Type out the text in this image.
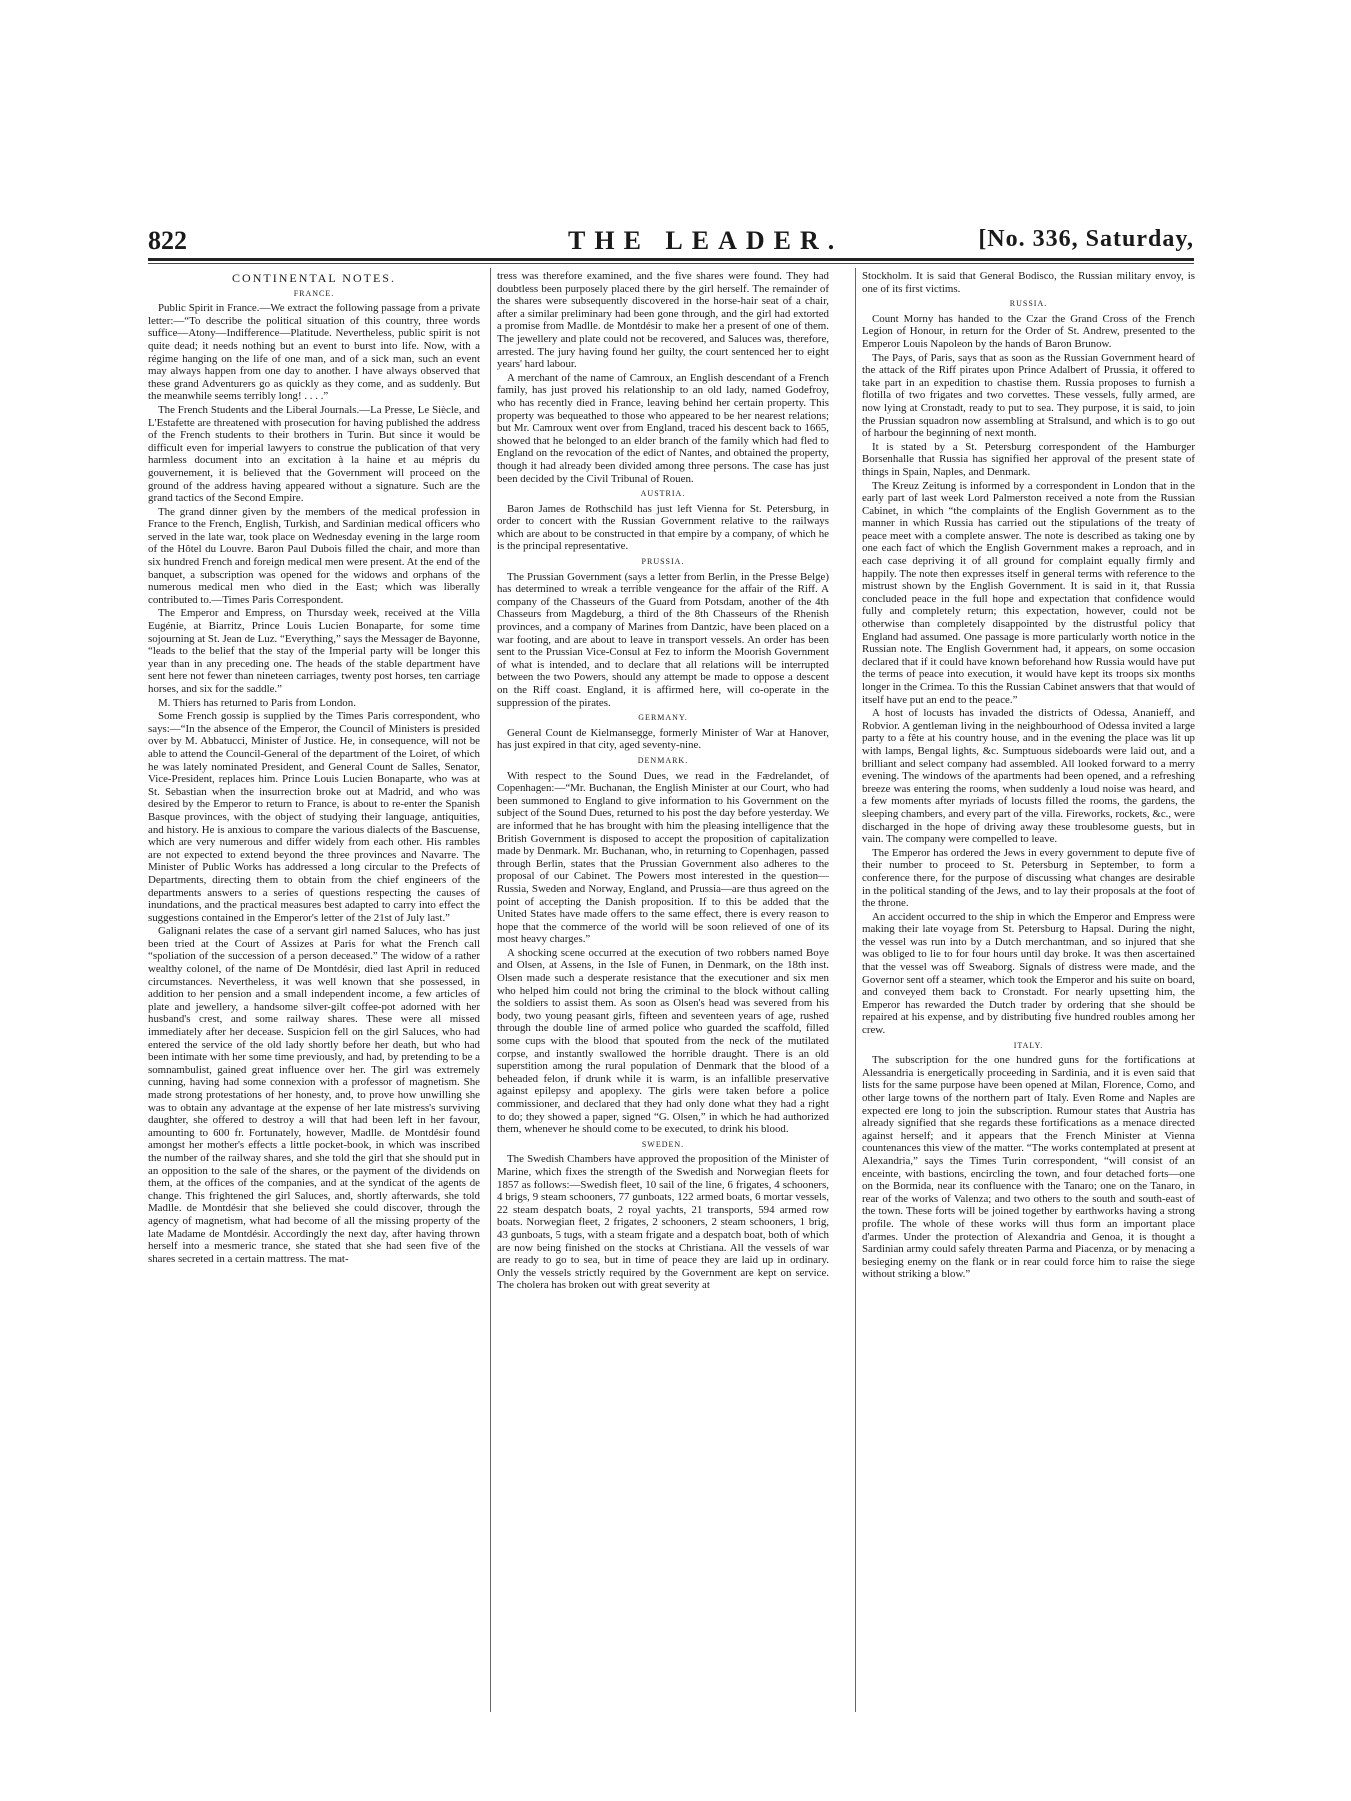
822	THE LEADER.	[No. 336, Saturday,
CONTINENTAL NOTES.
FRANCE.

Public Spirit in France.—We extract the following passage from a private letter:—“To describe the political situation of this country, three words suffice—Atony—Indifference—Platitude. Nevertheless, public spirit is not quite dead; it needs nothing but an event to burst into life. Now, with a régime hanging on the life of one man, and of a sick man, such an event may always happen from one day to another. I have always observed that these grand Adventurers go as quickly as they come, and as suddenly. But the meanwhile seems terribly long! . . . .”

The French Students and the Liberal Journals.—La Presse, Le Siècle, and L'Estafette are threatened with prosecution for having published the address of the French students to their brothers in Turin. But since it would be difficult even for imperial lawyers to construe the publication of that very harmless document into an excitation à la haine et au mépris du gouvernement, it is believed that the Government will proceed on the ground of the address having appeared without a signature. Such are the grand tactics of the Second Empire.

The grand dinner given by the members of the medical profession in France to the French, English, Turkish, and Sardinian medical officers who served in the late war, took place on Wednesday evening in the large room of the Hôtel du Louvre. Baron Paul Dubois filled the chair, and more than six hundred French and foreign medical men were present. At the end of the banquet, a subscription was opened for the widows and orphans of the numerous medical men who died in the East; which was liberally contributed to.—Times Paris Correspondent.

The Emperor and Empress, on Thursday week, received at the Villa Eugénie, at Biarritz, Prince Louis Lucien Bonaparte, for some time sojourning at St. Jean de Luz. “Everything,” says the Messager de Bayonne, “leads to the belief that the stay of the Imperial party will be longer this year than in any preceding one. The heads of the stable department have sent here not fewer than nineteen carriages, twenty post horses, ten carriage horses, and six for the saddle.”

M. Thiers has returned to Paris from London.

Some French gossip is supplied by the Times Paris correspondent, who says:—“In the absence of the Emperor, the Council of Ministers is presided over by M. Abbatucci, Minister of Justice. He, in consequence, will not be able to attend the Council-General of the department of the Loiret, of which he was lately nominated President, and General Count de Salles, Senator, Vice-President, replaces him. Prince Louis Lucien Bonaparte, who was at St. Sebastian when the insurrection broke out at Madrid, and who was desired by the Emperor to return to France, is about to re-enter the Spanish Basque provinces, with the object of studying their language, antiquities, and history. He is anxious to compare the various dialects of the Bascuense, which are very numerous and differ widely from each other. His rambles are not expected to extend beyond the three provinces and Navarre. The Minister of Public Works has addressed a long circular to the Prefects of Departments, directing them to obtain from the chief engineers of the departments answers to a series of questions respecting the causes of inundations, and the practical measures best adapted to carry into effect the suggestions contained in the Emperor's letter of the 21st of July last.”

Galignani relates the case of a servant girl named Saluces, who has just been tried at the Court of Assizes at Paris for what the French call “spoliation of the succession of a person deceased.” The widow of a rather wealthy colonel, of the name of De Montdésir, died last April in reduced circumstances. Nevertheless, it was well known that she possessed, in addition to her pension and a small independent income, a few articles of plate and jewellery, a handsome silver-gilt coffee-pot adorned with her husband's crest, and some railway shares. These were all missed immediately after her decease. Suspicion fell on the girl Saluces, who had entered the service of the old lady shortly before her death, but who had been intimate with her some time previously, and had, by pretending to be a somnambulist, gained great influence over her. The girl was extremely cunning, having had some connexion with a professor of magnetism. She made strong protestations of her honesty, and, to prove how unwilling she was to obtain any advantage at the expense of her late mistress's surviving daughter, she offered to destroy a will that had been left in her favour, amounting to 600 fr. Fortunately, however, Madlle. de Montdésir found amongst her mother's effects a little pocket-book, in which was inscribed the number of the railway shares, and she told the girl that she should put in an opposition to the sale of the shares, or the payment of the dividends on them, at the offices of the companies, and at the syndicat of the agents de change. This frightened the girl Saluces, and, shortly afterwards, she told Madlle. de Montdésir that she believed she could discover, through the agency of magnetism, what had become of all the missing property of the late Madame de Montdésir. Accordingly the next day, after having thrown herself into a mesmeric trance, she stated that she had seen five of the shares secreted in a certain mattress. The mat-

tress was therefore examined, and the five shares were found. They had doubtless been purposely placed there by the girl herself. The remainder of the shares were subsequently discovered in the horse-hair seat of a chair, after a similar preliminary had been gone through, and the girl had extorted a promise from Madlle. de Montdésir to make her a present of one of them. The jewellery and plate could not be recovered, and Saluces was, therefore, arrested. The jury having found her guilty, the court sentenced her to eight years' hard labour.

A merchant of the name of Camroux, an English descendant of a French family, has just proved his relationship to an old lady, named Godefroy, who has recently died in France, leaving behind her certain property. This property was bequeathed to those who appeared to be her nearest relations; but Mr. Camroux went over from England, traced his descent back to 1665, showed that he belonged to an elder branch of the family which had fled to England on the revocation of the edict of Nantes, and obtained the property, though it had already been divided among three persons. The case has just been decided by the Civil Tribunal of Rouen.

AUSTRIA.

Baron James de Rothschild has just left Vienna for St. Petersburg, in order to concert with the Russian Government relative to the railways which are about to be constructed in that empire by a company, of which he is the principal representative.

PRUSSIA.

The Prussian Government (says a letter from Berlin, in the Presse Belge) has determined to wreak a terrible vengeance for the affair of the Riff. A company of the Chasseurs of the Guard from Potsdam, another of the 4th Chasseurs from Magdeburg, a third of the 8th Chasseurs of the Rhenish provinces, and a company of Marines from Dantzic, have been placed on a war footing, and are about to leave in transport vessels. An order has been sent to the Prussian Vice-Consul at Fez to inform the Moorish Government of what is intended, and to declare that all relations will be interrupted between the two Powers, should any attempt be made to oppose a descent on the Riff coast. England, it is affirmed here, will co-operate in the suppression of the pirates.

GERMANY.

General Count de Kielmansegge, formerly Minister of War at Hanover, has just expired in that city, aged seventy-nine.

DENMARK.

With respect to the Sound Dues, we read in the Fædrelandet, of Copenhagen:—“Mr. Buchanan, the English Minister at our Court, who had been summoned to England to give information to his Government on the subject of the Sound Dues, returned to his post the day before yesterday. We are informed that he has brought with him the pleasing intelligence that the British Government is disposed to accept the proposition of capitalization made by Denmark. Mr. Buchanan, who, in returning to Copenhagen, passed through Berlin, states that the Prussian Government also adheres to the proposal of our Cabinet. The Powers most interested in the question—Russia, Sweden and Norway, England, and Prussia—are thus agreed on the point of accepting the Danish proposition. If to this be added that the United States have made offers to the same effect, there is every reason to hope that the commerce of the world will be soon relieved of one of its most heavy charges.”

A shocking scene occurred at the execution of two robbers named Boye and Olsen, at Assens, in the Isle of Funen, in Denmark, on the 18th inst. Olsen made such a desperate resistance that the executioner and six men who helped him could not bring the criminal to the block without calling the soldiers to assist them. As soon as Olsen's head was severed from his body, two young peasant girls, fifteen and seventeen years of age, rushed through the double line of armed police who guarded the scaffold, filled some cups with the blood that spouted from the neck of the mutilated corpse, and instantly swallowed the horrible draught. There is an old superstition among the rural population of Denmark that the blood of a beheaded felon, if drunk while it is warm, is an infallible preservative against epilepsy and apoplexy. The girls were taken before a police commissioner, and declared that they had only done what they had a right to do; they showed a paper, signed “G. Olsen,” in which he had authorized them, whenever he should come to be executed, to drink his blood.

SWEDEN.

The Swedish Chambers have approved the proposition of the Minister of Marine, which fixes the strength of the Swedish and Norwegian fleets for 1857 as follows:—Swedish fleet, 10 sail of the line, 6 frigates, 4 schooners, 4 brigs, 9 steam schooners, 77 gunboats, 122 armed boats, 6 mortar vessels, 22 steam despatch boats, 2 royal yachts, 21 transports, 594 armed row boats. Norwegian fleet, 2 frigates, 2 schooners, 2 steam schooners, 1 brig, 43 gunboats, 5 tugs, with a steam frigate and a despatch boat, both of which are now being finished on the stocks at Christiana. All the vessels of war are ready to go to sea, but in time of peace they are laid up in ordinary. Only the vessels strictly required by the Government are kept on service. The cholera has broken out with great severity at

Stockholm. It is said that General Bodisco, the Russian military envoy, is one of its first victims.

RUSSIA.

Count Morny has handed to the Czar the Grand Cross of the French Legion of Honour, in return for the Order of St. Andrew, presented to the Emperor Louis Napoleon by the hands of Baron Brunow.

The Pays, of Paris, says that as soon as the Russian Government heard of the attack of the Riff pirates upon Prince Adalbert of Prussia, it offered to take part in an expedition to chastise them. Russia proposes to furnish a flotilla of two frigates and two corvettes. These vessels, fully armed, are now lying at Cronstadt, ready to put to sea. They purpose, it is said, to join the Prussian squadron now assembling at Stralsund, and which is to go out of harbour the beginning of next month.

It is stated by a St. Petersburg correspondent of the Hamburger Borsenhalle that Russia has signified her approval of the present state of things in Spain, Naples, and Denmark.

The Kreuz Zeitung is informed by a correspondent in London that in the early part of last week Lord Palmerston received a note from the Russian Cabinet, in which “the complaints of the English Government as to the manner in which Russia has carried out the stipulations of the treaty of peace meet with a complete answer. The note is described as taking one by one each fact of which the English Government makes a reproach, and in each case depriving it of all ground for complaint equally firmly and happily. The note then expresses itself in general terms with reference to the mistrust shown by the English Government. It is said in it, that Russia concluded peace in the full hope and expectation that confidence would fully and completely return; this expectation, however, could not be otherwise than completely disappointed by the distrustful policy that England had assumed. One passage is more particularly worth notice in the Russian note. The English Government had, it appears, on some occasion declared that if it could have known beforehand how Russia would have put the terms of peace into execution, it would have kept its troops six months longer in the Crimea. To this the Russian Cabinet answers that that would of itself have put an end to the peace.”

A host of locusts has invaded the districts of Odessa, Ananieff, and Robvior. A gentleman living in the neighbourhood of Odessa invited a large party to a fête at his country house, and in the evening the place was lit up with lamps, Bengal lights, &c. Sumptuous sideboards were laid out, and a brilliant and select company had assembled. All looked forward to a merry evening. The windows of the apartments had been opened, and a refreshing breeze was entering the rooms, when suddenly a loud noise was heard, and a few moments after myriads of locusts filled the rooms, the gardens, the sleeping chambers, and every part of the villa. Fireworks, rockets, &c., were discharged in the hope of driving away these troublesome guests, but in vain. The company were compelled to leave.

The Emperor has ordered the Jews in every government to depute five of their number to proceed to St. Petersburg in September, to form a conference there, for the purpose of discussing what changes are desirable in the political standing of the Jews, and to lay their proposals at the foot of the throne.

An accident occurred to the ship in which the Emperor and Empress were making their late voyage from St. Petersburg to Hapsal. During the night, the vessel was run into by a Dutch merchantman, and so injured that she was obliged to lie to for four hours until day broke. It was then ascertained that the vessel was off Sweaborg. Signals of distress were made, and the Governor sent off a steamer, which took the Emperor and his suite on board, and conveyed them back to Cronstadt. For nearly upsetting him, the Emperor has rewarded the Dutch trader by ordering that she should be repaired at his expense, and by distributing five hundred roubles among her crew.

ITALY.

The subscription for the one hundred guns for the fortifications at Alessandria is energetically proceeding in Sardinia, and it is even said that lists for the same purpose have been opened at Milan, Florence, Como, and other large towns of the northern part of Italy. Even Rome and Naples are expected ere long to join the subscription. Rumour states that Austria has already signified that she regards these fortifications as a menace directed against herself; and it appears that the French Minister at Vienna countenances this view of the matter. “The works contemplated at present at Alexandria,” says the Times Turin correspondent, “will consist of an enceinte, with bastions, encircling the town, and four detached forts—one on the Bormida, near its confluence with the Tanaro; one on the Tanaro, in rear of the works of Valenza; and two others to the south and south-east of the town. These forts will be joined together by earthworks having a strong profile. The whole of these works will thus form an important place d'armes. Under the protection of Alexandria and Genoa, it is thought a Sardinian army could safely threaten Parma and Piacenza, or by menacing a besieging enemy on the flank or in rear could force him to raise the siege without striking a blow.”
